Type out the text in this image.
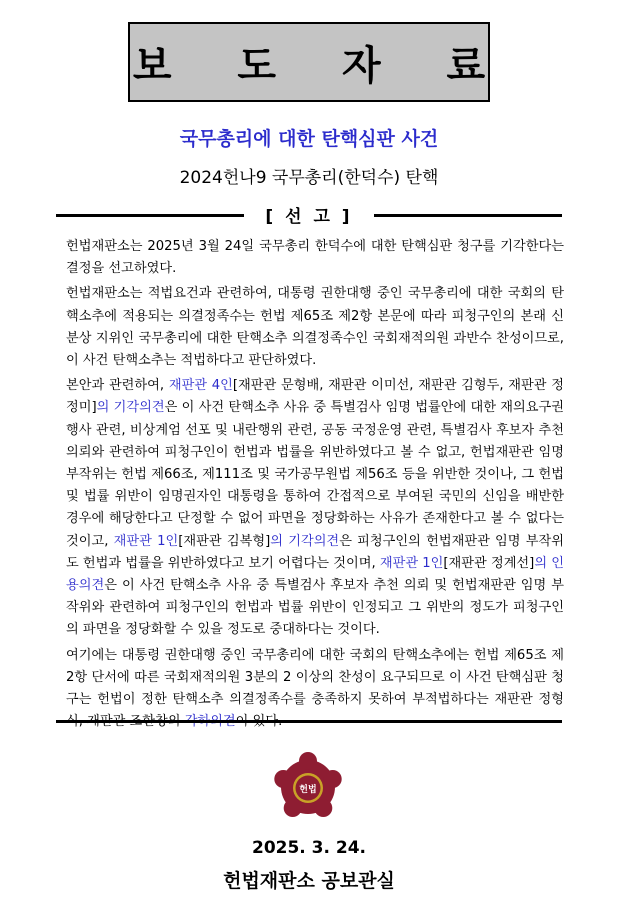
보 도 자 료
국무총리에 대한 탄핵심판 사건
2024헌나9 국무총리(한덕수) 탄핵
[ 선 고 ]

헌법재판소는 2025년 3월 24일 국무총리 한덕수에 대한 탄핵심판 청구를 기각한다는 결정을 선고하였다.

헌법재판소는 적법요건과 관련하여, 대통령 권한대행 중인 국무총리에 대한 국회의 탄핵소추에 적용되는 의결정족수는 헌법 제65조 제2항 본문에 따라 피청구인의 본래 신분상 지위인 국무총리에 대한 탄핵소추 의결정족수인 국회재적의원 과반수 찬성이므로, 이 사건 탄핵소추는 적법하다고 판단하였다.

본안과 관련하여, 재판관 4인[재판관 문형배, 재판관 이미선, 재판관 김형두, 재판관 정정미]의 기각의견은 이 사건 탄핵소추 사유 중 특별검사 임명 법률안에 대한 재의요구권 행사 관련, 비상계엄 선포 및 내란행위 관련, 공동 국정운영 관련, 특별검사 후보자 추천 의뢰와 관련하여 피청구인이 헌법과 법률을 위반하였다고 볼 수 없고, 헌법재판관 임명 부작위는 헌법 제66조, 제111조 및 국가공무원법 제56조 등을 위반한 것이나, 그 헌법 및 법률 위반이 임명권자인 대통령을 통하여 간접적으로 부여된 국민의 신임을 배반한 경우에 해당한다고 단정할 수 없어 파면을 정당화하는 사유가 존재한다고 볼 수 없다는 것이고, 재판관 1인[재판관 김복형]의 기각의견은 피청구인의 헌법재판관 임명 부작위도 헌법과 법률을 위반하였다고 보기 어렵다는 것이며, 재판관 1인[재판관 정계선]의 인용의견은 이 사건 탄핵소추 사유 중 특별검사 후보자 추천 의뢰 및 헌법재판관 임명 부작위와 관련하여 피청구인의 헌법과 법률 위반이 인정되고 그 위반의 정도가 피청구인의 파면을 정당화할 수 있을 정도로 중대하다는 것이다.

여기에는 대통령 권한대행 중인 국무총리에 대한 국회의 탄핵소추에는 헌법 제65조 제2항 단서에 따른 국회재적의원 3분의 2 이상의 찬성이 요구되므로 이 사건 탄핵심판 청구는 헌법이 정한 탄핵소추 의결정족수를 충족하지 못하여 부적법하다는 재판관 정형

헌법
2025. 3. 24.
헌법재판소 공보관실
